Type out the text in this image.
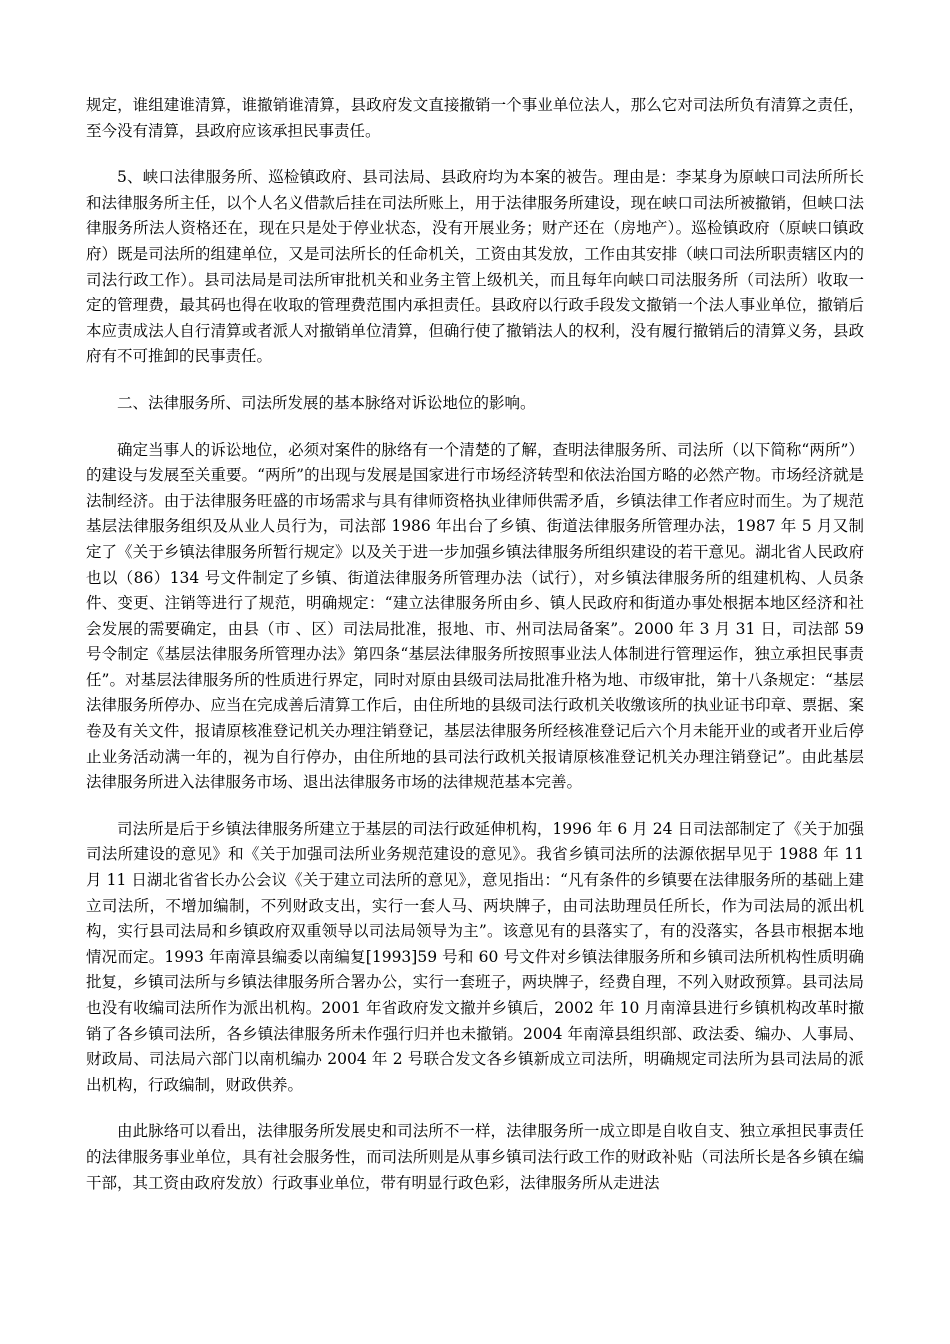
规定，谁组建谁清算，谁撤销谁清算，县政府发文直接撤销一个事业单位法人，那么它对司法所负有清算之责任，至今没有清算，县政府应该承担民事责任。

5、峡口法律服务所、巡检镇政府、县司法局、县政府均为本案的被告。理由是：李某身为原峡口司法所所长和法律服务所主任，以个人名义借款后挂在司法所账上，用于法律服务所建设，现在峡口司法所被撤销，但峡口法律服务所法人资格还在，现在只是处于停业状态，没有开展业务；财产还在（房地产）。巡检镇政府（原峡口镇政府）既是司法所的组建单位，又是司法所长的任命机关，工资由其发放，工作由其安排（峡口司法所职责辖区内的司法行政工作）。县司法局是司法所审批机关和业务主管上级机关，而且每年向峡口司法服务所（司法所）收取一定的管理费，最其码也得在收取的管理费范围内承担责任。县政府以行政手段发文撤销一个法人事业单位，撤销后本应责成法人自行清算或者派人对撤销单位清算，但确行使了撤销法人的权利，没有履行撤销后的清算义务，县政府有不可推卸的民事责任。

二、法律服务所、司法所发展的基本脉络对诉讼地位的影响。

确定当事人的诉讼地位，必须对案件的脉络有一个清楚的了解，查明法律服务所、司法所（以下简称“两所”）的建设与发展至关重要。“两所”的出现与发展是国家进行市场经济转型和依法治国方略的必然产物。市场经济就是法制经济。由于法律服务旺盛的市场需求与具有律师资格执业律师供需矛盾，乡镇法律工作者应时而生。为了规范基层法律服务组织及从业人员行为，司法部 1986 年出台了乡镇、街道法律服务所管理办法，1987 年 5 月又制定了《关于乡镇法律服务所暂行规定》以及关于进一步加强乡镇法律服务所组织建设的若干意见。湖北省人民政府也以（86）134 号文件制定了乡镇、街道法律服务所管理办法（试行），对乡镇法律服务所的组建机构、人员条件、变更、注销等进行了规范，明确规定：“建立法律服务所由乡、镇人民政府和街道办事处根据本地区经济和社会发展的需要确定，由县（市 、区）司法局批准，报地、市、州司法局备案”。2000 年 3 月 31 日，司法部 59 号令制定《基层法律服务所管理办法》第四条“基层法律服务所按照事业法人体制进行管理运作，独立承担民事责任”。对基层法律服务所的性质进行界定，同时对原由县级司法局批准升格为地、市级审批，第十八条规定：“基层法律服务所停办、应当在完成善后清算工作后，由住所地的县级司法行政机关收缴该所的执业证书印章、票据、案卷及有关文件，报请原核准登记机关办理注销登记，基层法律服务所经核准登记后六个月未能开业的或者开业后停止业务活动满一年的，视为自行停办，由住所地的县司法行政机关报请原核准登记机关办理注销登记”。由此基层法律服务所进入法律服务市场、退出法律服务市场的法律规范基本完善。

司法所是后于乡镇法律服务所建立于基层的司法行政延伸机构，1996 年 6 月 24 日司法部制定了《关于加强司法所建设的意见》和《关于加强司法所业务规范建设的意见》。我省乡镇司法所的法源依据早见于 1988 年 11 月 11 日湖北省省长办公会议《关于建立司法所的意见》，意见指出：“凡有条件的乡镇要在法律服务所的基础上建立司法所，不增加编制，不列财政支出，实行一套人马、两块牌子，由司法助理员任所长，作为司法局的派出机构，实行县司法局和乡镇政府双重领导以司法局领导为主”。该意见有的县落实了，有的没落实，各县市根据本地情况而定。1993 年南漳县编委以南编复[1993]59 号和 60 号文件对乡镇法律服务所和乡镇司法所机构性质明确批复，乡镇司法所与乡镇法律服务所合署办公，实行一套班子，两块牌子，经费自理，不列入财政预算。县司法局也没有收编司法所作为派出机构。2001 年省政府发文撤并乡镇后，2002 年 10 月南漳县进行乡镇机构改革时撤销了各乡镇司法所，各乡镇法律服务所未作强行归并也未撤销。2004 年南漳县组织部、政法委、编办、人事局、财政局、司法局六部门以南机编办 2004 年 2 号联合发文各乡镇新成立司法所，明确规定司法所为县司法局的派出机构，行政编制，财政供养。

由此脉络可以看出，法律服务所发展史和司法所不一样，法律服务所一成立即是自收自支、独立承担民事责任的法律服务事业单位，具有社会服务性，而司法所则是从事乡镇司法行政工作的财政补贴（司法所长是各乡镇在编干部，其工资由政府发放）行政事业单位，带有明显行政色彩，法律服务所从走进法
